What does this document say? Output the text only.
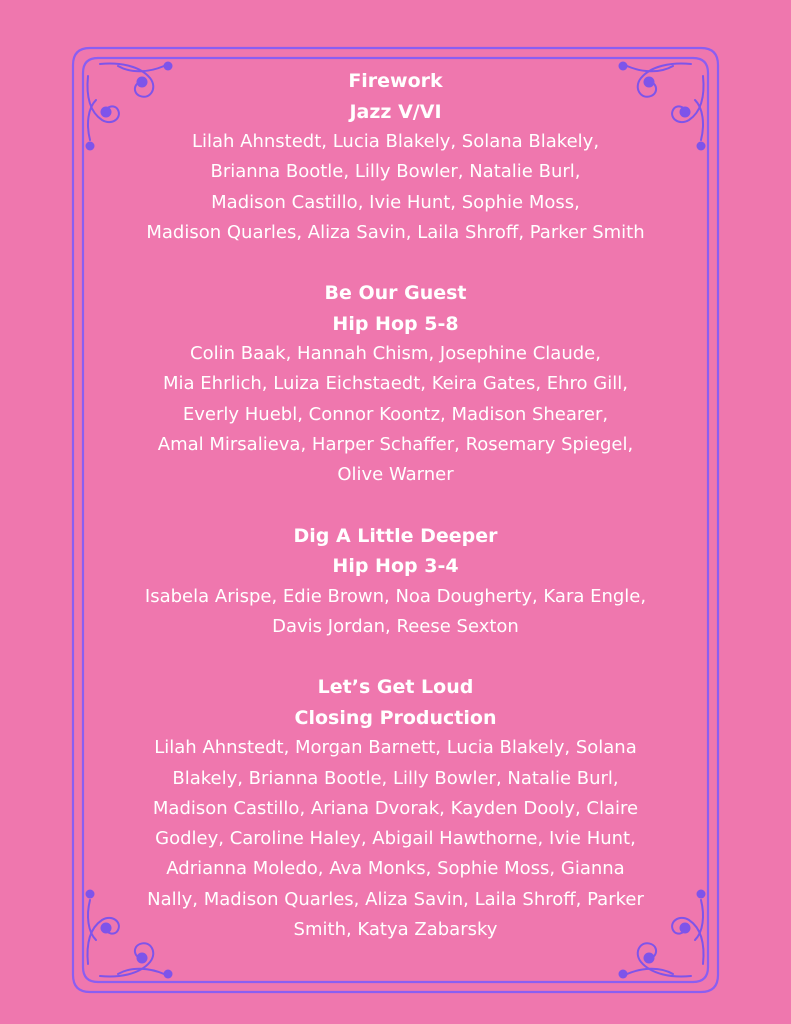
Firework
Jazz V/VI
Lilah Ahnstedt, Lucia Blakely, Solana Blakely,
Brianna Bootle, Lilly Bowler, Natalie Burl,
Madison Castillo, Ivie Hunt, Sophie Moss,
Madison Quarles, Aliza Savin, Laila Shroff, Parker Smith
Be Our Guest
Hip Hop 5-8
Colin Baak, Hannah Chism, Josephine Claude,
Mia Ehrlich, Luiza Eichstaedt, Keira Gates, Ehro Gill,
Everly Huebl, Connor Koontz, Madison Shearer,
Amal Mirsalieva, Harper Schaffer, Rosemary Spiegel,
Olive Warner
Dig A Little Deeper
Hip Hop 3-4
Isabela Arispe, Edie Brown, Noa Dougherty, Kara Engle,
Davis Jordan, Reese Sexton
Let’s Get Loud
Closing Production
Lilah Ahnstedt, Morgan Barnett, Lucia Blakely, Solana
Blakely, Brianna Bootle, Lilly Bowler, Natalie Burl,
Madison Castillo, Ariana Dvorak, Kayden Dooly, Claire
Godley, Caroline Haley, Abigail Hawthorne, Ivie Hunt,
Adrianna Moledo, Ava Monks, Sophie Moss, Gianna
Nally, Madison Quarles, Aliza Savin, Laila Shroff, Parker
Smith, Katya Zabarsky
